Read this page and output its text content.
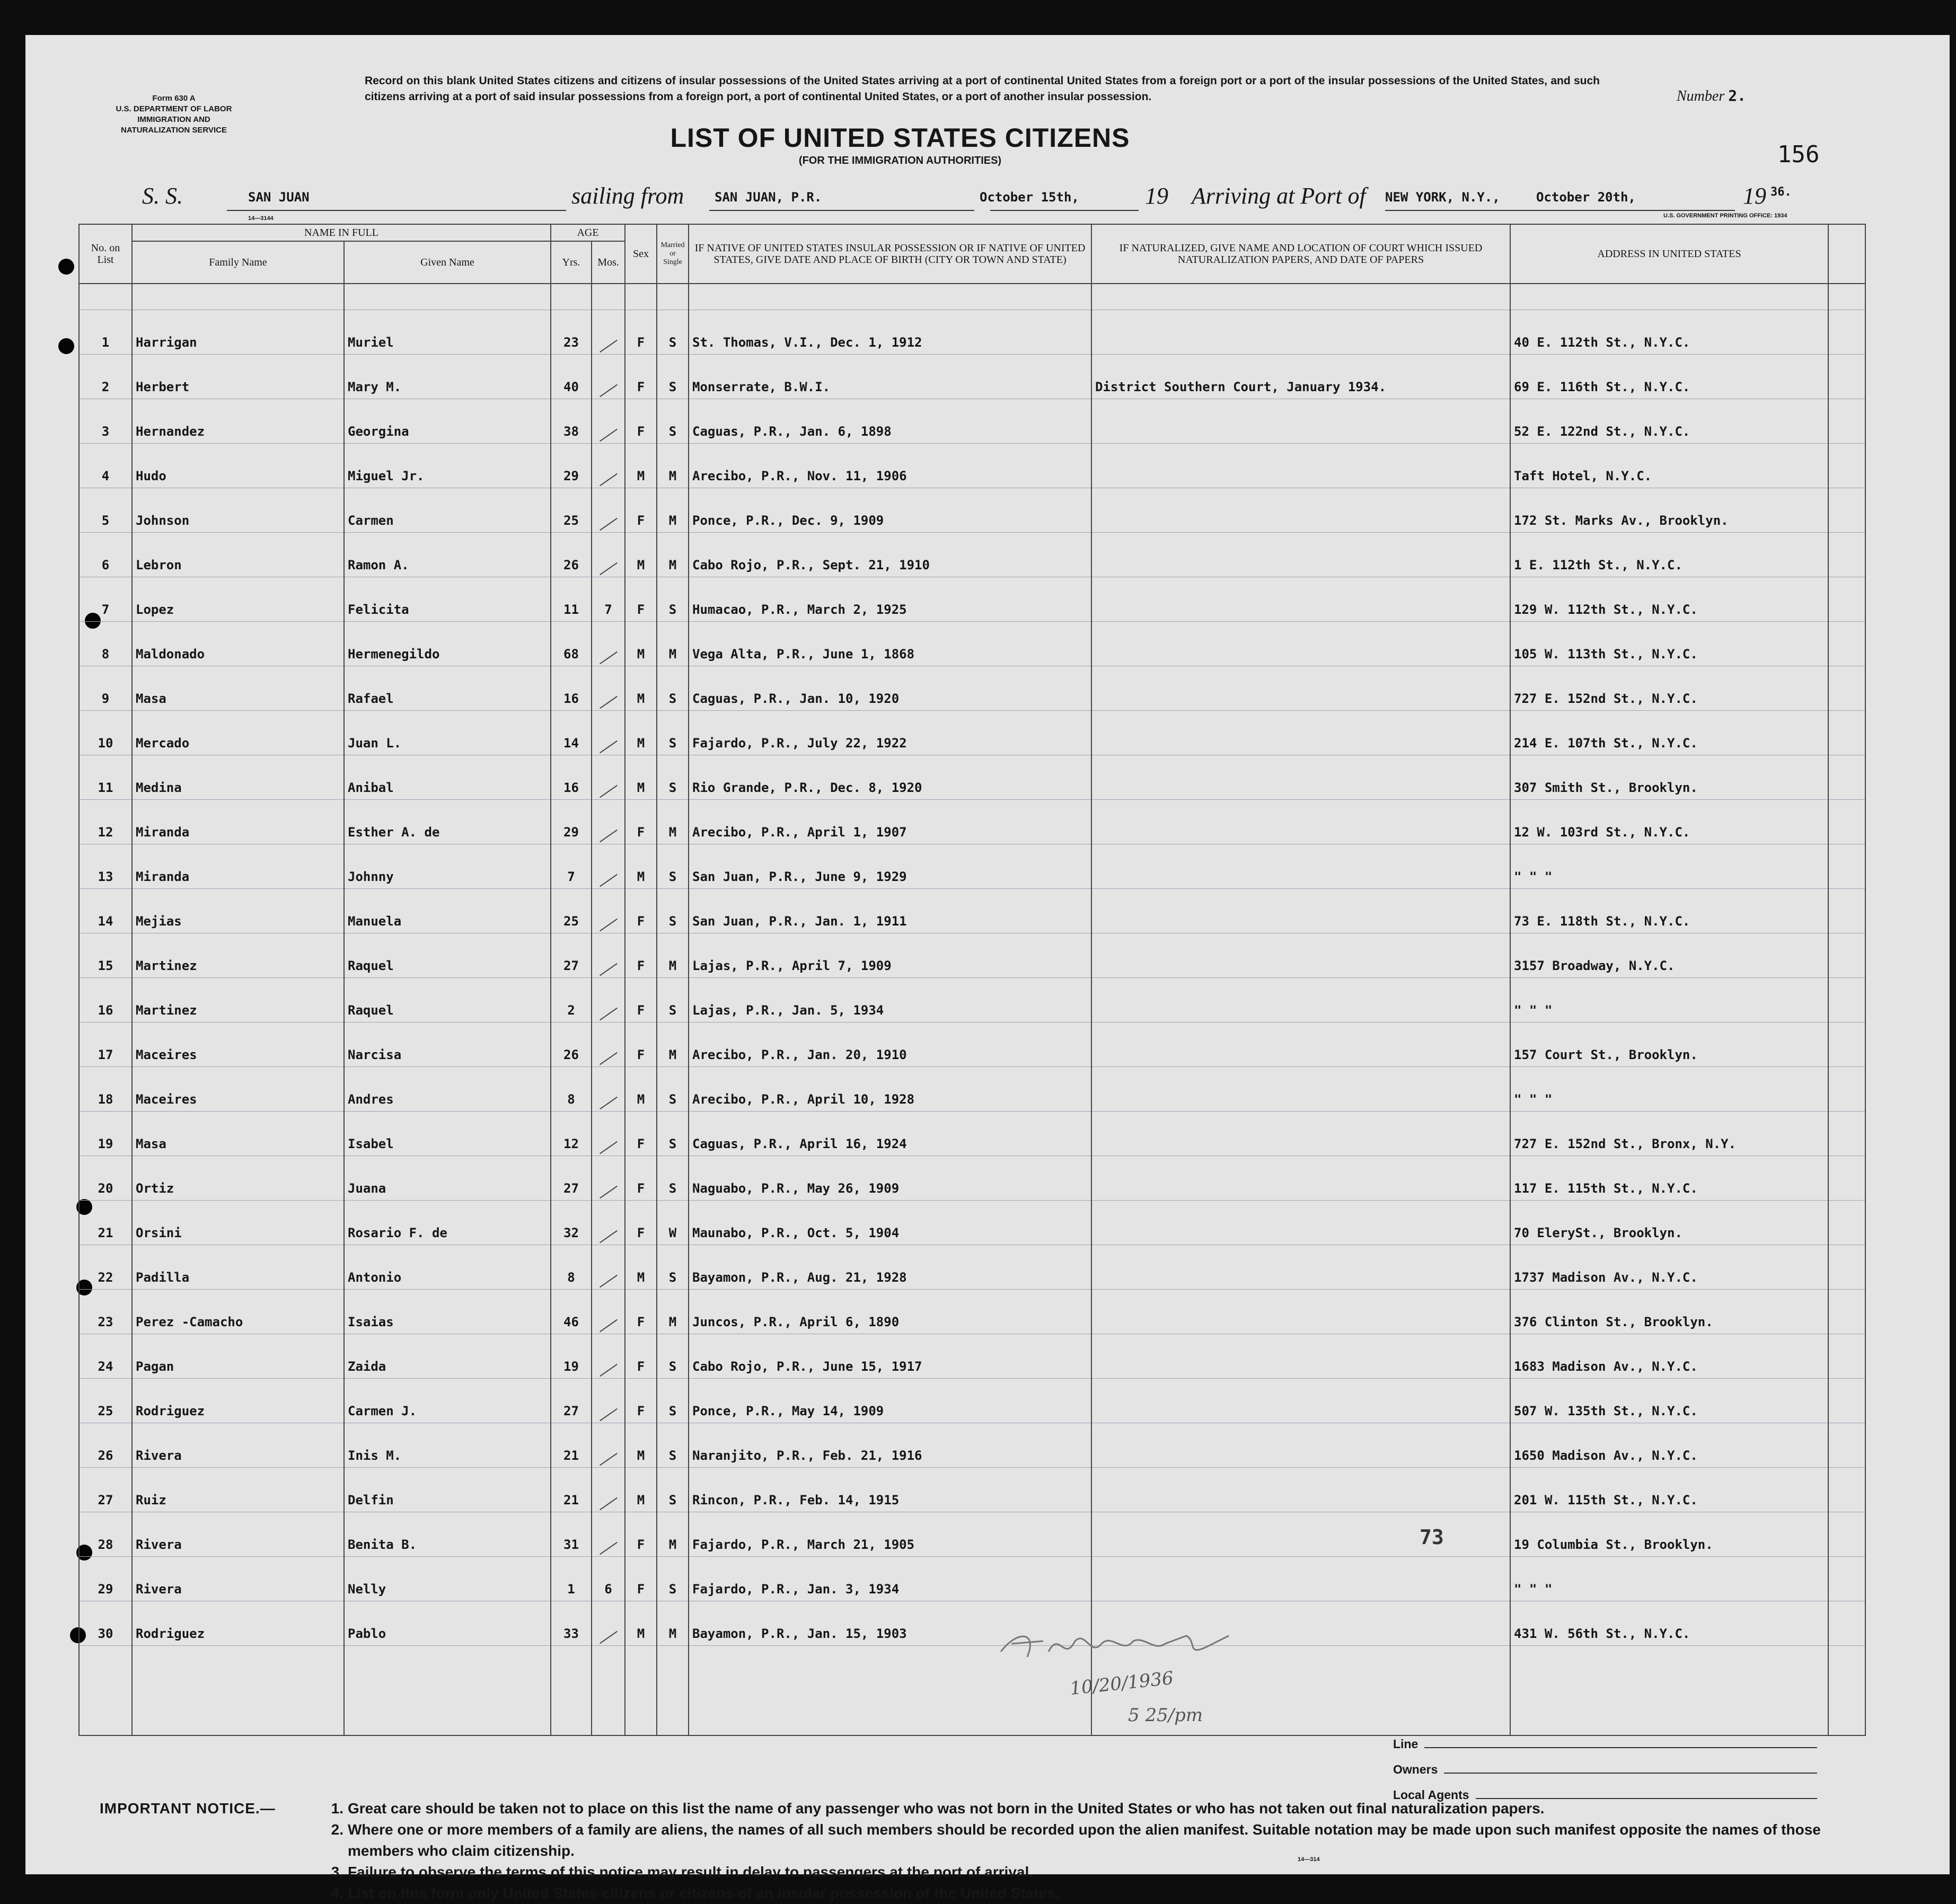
Form 630 A
U.S. DEPARTMENT OF LABOR
IMMIGRATION AND
NATURALIZATION SERVICE
Record on this blank United States citizens and citizens of insular possessions of the United States arriving at a port of continental United States from a foreign port or a port of the insular possessions of the United States, and such citizens arriving at a port of said insular possessions from a foreign port, a port of continental United States, or a port of another insular possession.	Number 2.
LIST OF UNITED STATES CITIZENS
(FOR THE IMMIGRATION AUTHORITIES)	156
S. S.	SAN JUAN	sailing from SAN JUAN, P.R.	October 15th,	19 Arriving at Port of NEW YORK, N.Y.,	October 20th,	19 36.
14—3144	U.S. GOVERNMENT PRINTING OFFICE: 1934
No. on List	NAME IN FULL		AGE		Sex	Married or Single	IF NATIVE OF UNITED STATES INSULAR POSSESSION OR IF NATIVE OF UNITED STATES, GIVE DATE AND PLACE OF BIRTH (CITY OR TOWN AND STATE)	IF NATURALIZED, GIVE NAME AND LOCATION OF COURT WHICH ISSUED NATURALIZATION PAPERS, AND DATE OF PAPERS	ADDRESS IN UNITED STATES	
	Family Name	Given Name	Yrs.	Mos.						

1	Harrigan	Muriel	23		F	S	St. Thomas, V.I., Dec. 1, 1912		40 E. 112th St., N.Y.C.	
2	Herbert	Mary M.	40		F	S	Monserrate, B.W.I.	District Southern Court, January 1934.	69 E. 116th St., N.Y.C.	
3	Hernandez	Georgina	38		F	S	Caguas, P.R., Jan. 6, 1898		52 E. 122nd St., N.Y.C.	
4	Hudo	Miguel Jr.	29		M	M	Arecibo, P.R., Nov. 11, 1906		Taft Hotel, N.Y.C.	
5	Johnson	Carmen	25		F	M	Ponce, P.R., Dec. 9, 1909		172 St. Marks Av., Brooklyn.	
6	Lebron	Ramon A.	26		M	M	Cabo Rojo, P.R., Sept. 21, 1910		1 E. 112th St., N.Y.C.	
7	Lopez	Felicita	11	7	F	S	Humacao, P.R., March 2, 1925		129 W. 112th St., N.Y.C.	
8	Maldonado	Hermenegildo	68		M	M	Vega Alta, P.R., June 1, 1868		105 W. 113th St., N.Y.C.	
9	Masa	Rafael	16		M	S	Caguas, P.R., Jan. 10, 1920		727 E. 152nd St., N.Y.C.	
10	Mercado	Juan L.	14		M	S	Fajardo, P.R., July 22, 1922		214 E. 107th St., N.Y.C.	
11	Medina	Anibal	16		M	S	Rio Grande, P.R., Dec. 8, 1920		307 Smith St., Brooklyn.	
12	Miranda	Esther A. de	29		F	M	Arecibo, P.R., April 1, 1907		12 W. 103rd St., N.Y.C.	
13	Miranda	Johnny	7		M	S	San Juan, P.R., June 9, 1929		" " "	
14	Mejias	Manuela	25		F	S	San Juan, P.R., Jan. 1, 1911		73 E. 118th St., N.Y.C.	
15	Martinez	Raquel	27		F	M	Lajas, P.R., April 7, 1909		3157 Broadway, N.Y.C.	
16	Martinez	Raquel	2		F	S	Lajas, P.R., Jan. 5, 1934		" " "	
17	Maceires	Narcisa	26		F	M	Arecibo, P.R., Jan. 20, 1910		157 Court St., Brooklyn.	
18	Maceires	Andres	8		M	S	Arecibo, P.R., April 10, 1928		" " "	
19	Masa	Isabel	12		F	S	Caguas, P.R., April 16, 1924		727 E. 152nd St., Bronx, N.Y.	
20	Ortiz	Juana	27		F	S	Naguabo, P.R., May 26, 1909		117 E. 115th St., N.Y.C.	
21	Orsini	Rosario F. de	32		F	W	Maunabo, P.R., Oct. 5, 1904		70 ElerySt., Brooklyn.	
22	Padilla	Antonio	8		M	S	Bayamon, P.R., Aug. 21, 1928		1737 Madison Av., N.Y.C.	
23	Perez -Camacho	Isaias	46		F	M	Juncos, P.R., April 6, 1890		376 Clinton St., Brooklyn.	
24	Pagan	Zaida	19		F	S	Cabo Rojo, P.R., June 15, 1917		1683 Madison Av., N.Y.C.	
25	Rodriguez	Carmen J.	27		F	S	Ponce, P.R., May 14, 1909		507 W. 135th St., N.Y.C.	
26	Rivera	Inis M.	21		M	S	Naranjito, P.R., Feb. 21, 1916		1650 Madison Av., N.Y.C.	
27	Ruiz	Delfin	21		M	S	Rincon, P.R., Feb. 14, 1915		201 W. 115th St., N.Y.C.	
28	Rivera	Benita B.	31		F	M	Fajardo, P.R., March 21, 1905		19 Columbia St., Brooklyn.	
29	Rivera	Nelly	1	6	F	S	Fajardo, P.R., Jan. 3, 1934		" " "	
30	Rodriguez	Pablo	33		M	M	Bayamon, P.R., Jan. 15, 1903		431 W. 56th St., N.Y.C.	

73
F. J. Mayfather Insp
10/20/1936
5 25/pm
Line
Owners
Local Agents
IMPORTANT NOTICE.—	1. Great care should be taken not to place on this list the name of any passenger who was not born in the United States or who has not taken out final naturalization papers.
2. Where one or more members of a family are aliens, the names of all such members should be recorded upon the alien manifest. Suitable notation may be made upon such manifest opposite the names of those members who claim citizenship.
3. Failure to observe the terms of this notice may result in delay to passengers at the port of arrival.
4. List on this form only United States citizens or citizens of an insular possession of the United States.
14—314
